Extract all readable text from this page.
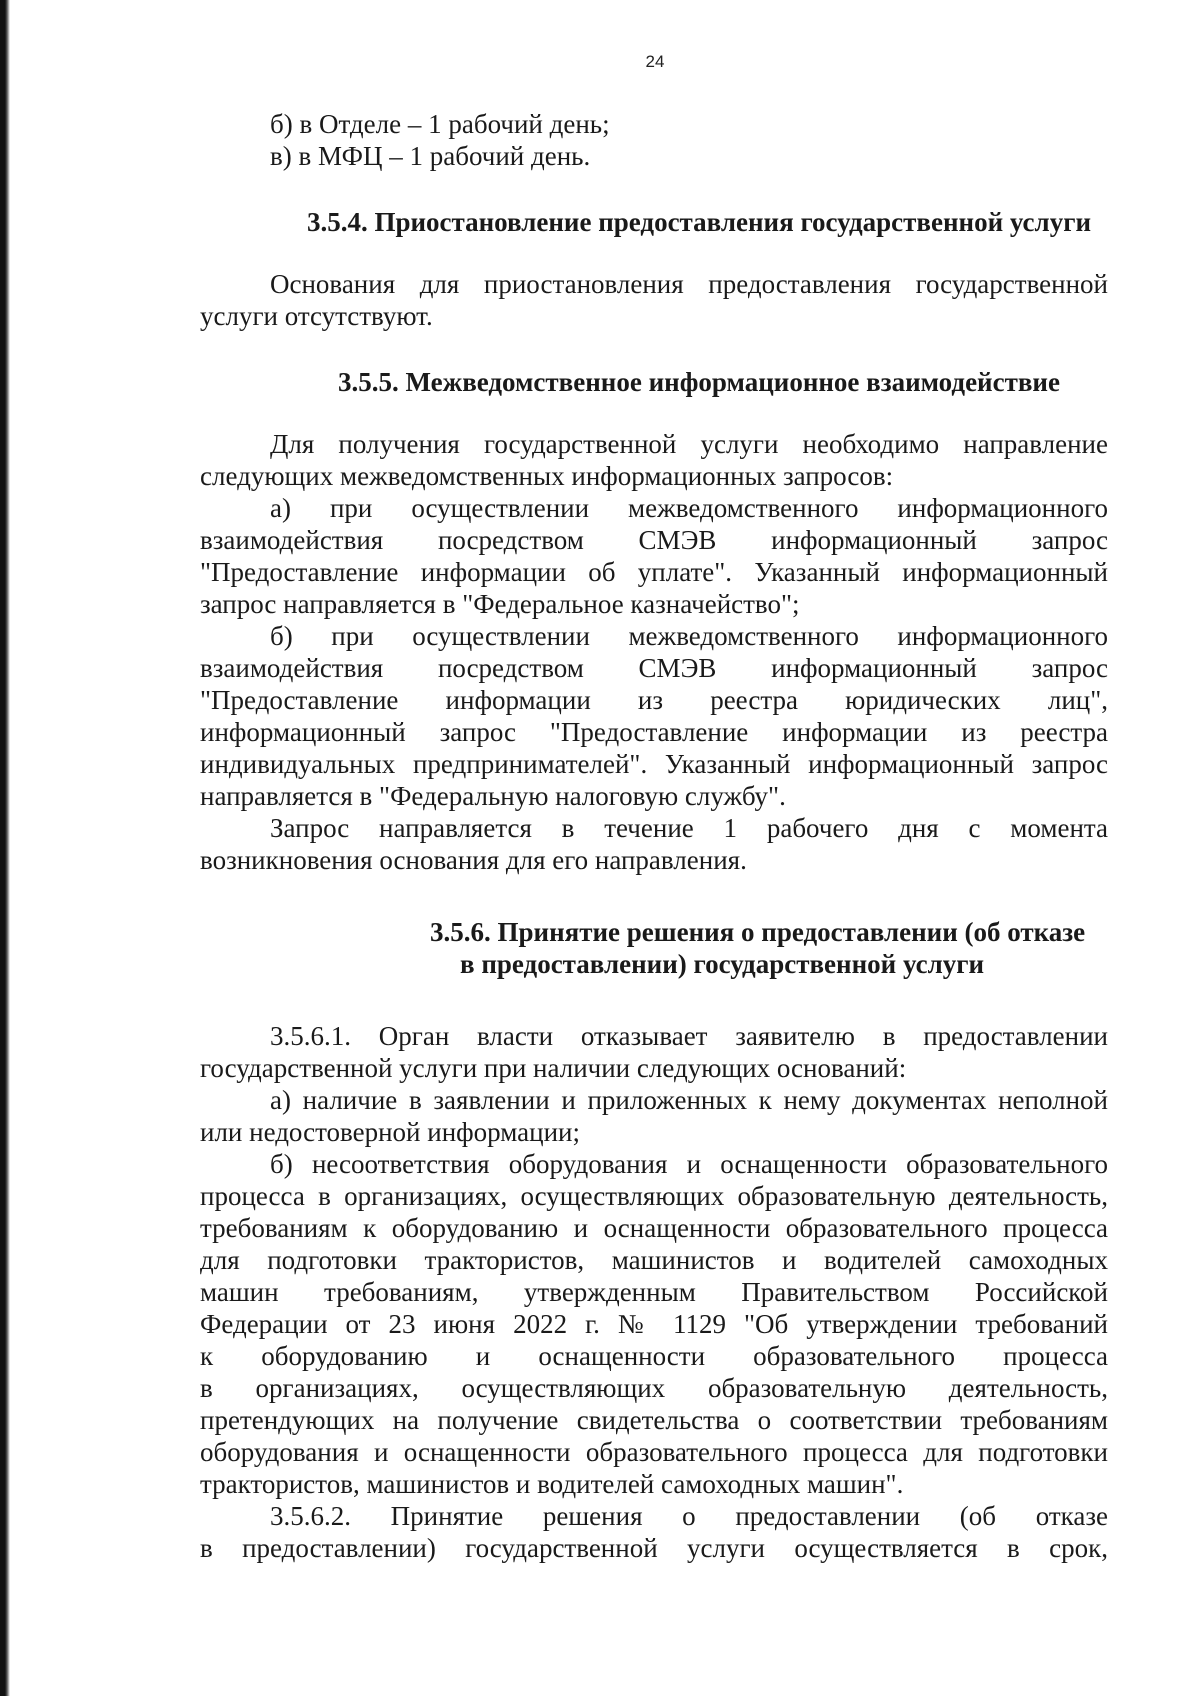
24
б) в Отделе – 1 рабочий день;
в) в МФЦ – 1 рабочий день.
3.5.4. Приостановление предоставления государственной услуги
Основания для приостановления предоставления государственной
услуги отсутствуют.
3.5.5. Межведомственное информационное взаимодействие
Для получения государственной услуги необходимо направление
следующих межведомственных информационных запросов:
а) при осуществлении межведомственного информационного
взаимодействия посредством СМЭВ информационный запрос
"Предоставление информации об уплате". Указанный информационный
запрос направляется в "Федеральное казначейство";
б) при осуществлении межведомственного информационного
взаимодействия посредством СМЭВ информационный запрос
"Предоставление информации из реестра юридических лиц",
информационный запрос "Предоставление информации из реестра
индивидуальных предпринимателей". Указанный информационный запрос
направляется в "Федеральную налоговую службу".
Запрос направляется в течение 1 рабочего дня с момента
возникновения основания для его направления.
3.5.6. Принятие решения о предоставлении (об отказе
в предоставлении) государственной услуги
3.5.6.1. Орган власти отказывает заявителю в предоставлении
государственной услуги при наличии следующих оснований:
а) наличие в заявлении и приложенных к нему документах неполной
или недостоверной информации;
б) несоответствия оборудования и оснащенности образовательного
процесса в организациях, осуществляющих образовательную деятельность,
требованиям к оборудованию и оснащенности образовательного процесса
для подготовки трактористов, машинистов и водителей самоходных
машин требованиям, утвержденным Правительством Российской
Федерации от 23 июня 2022 г. № 1129 "Об утверждении требований
к оборудованию и оснащенности образовательного процесса
в организациях, осуществляющих образовательную деятельность,
претендующих на получение свидетельства о соответствии требованиям
оборудования и оснащенности образовательного процесса для подготовки
трактористов, машинистов и водителей самоходных машин".
3.5.6.2. Принятие решения о предоставлении (об отказе
в предоставлении) государственной услуги осуществляется в срок,
